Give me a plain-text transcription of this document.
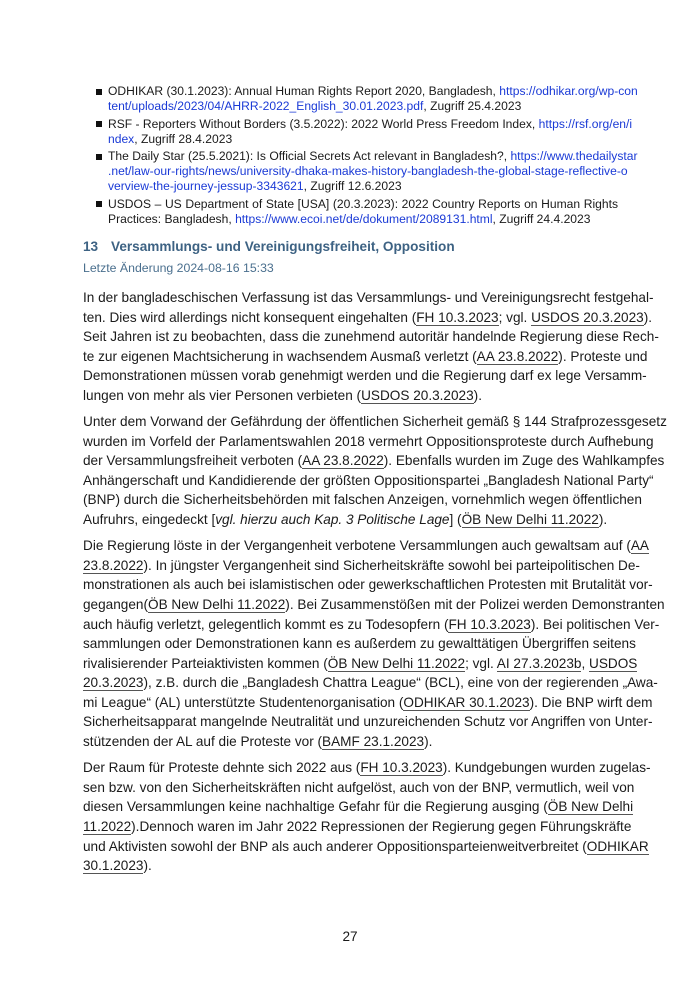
ODHIKAR (30.1.2023): Annual Human Rights Report 2020, Bangladesh, https://odhikar.org/wp-con
tent/uploads/2023/04/AHRR-2022_English_30.01.2023.pdf, Zugriff 25.4.2023
RSF - Reporters Without Borders (3.5.2022): 2022 World Press Freedom Index, https://rsf.org/en/i
ndex, Zugriff 28.4.2023
The Daily Star (25.5.2021): Is Official Secrets Act relevant in Bangladesh?, https://www.thedailystar
.net/law-our-rights/news/university-dhaka-makes-history-bangladesh-the-global-stage-reflective-o
verview-the-journey-jessup-3343621, Zugriff 12.6.2023
USDOS – US Department of State [USA] (20.3.2023): 2022 Country Reports on Human Rights
Practices: Bangladesh, https://www.ecoi.net/de/dokument/2089131.html, Zugriff 24.4.2023
13 Versammlungs- und Vereinigungsfreiheit, Opposition
Letzte Änderung 2024-08-16 15:33
In der bangladeschischen Verfassung ist das Versammlungs- und Vereinigungsrecht festgehal-
ten. Dies wird allerdings nicht konsequent eingehalten (FH 10.3.2023; vgl. USDOS 20.3.2023).
Seit Jahren ist zu beobachten, dass die zunehmend autoritär handelnde Regierung diese Rech-
te zur eigenen Machtsicherung in wachsendem Ausmaß verletzt (AA 23.8.2022). Proteste und
Demonstrationen müssen vorab genehmigt werden und die Regierung darf ex lege Versamm-
lungen von mehr als vier Personen verbieten (USDOS 20.3.2023).
Unter dem Vorwand der Gefährdung der öffentlichen Sicherheit gemäß § 144 Strafprozessgesetz
wurden im Vorfeld der Parlamentswahlen 2018 vermehrt Oppositionsproteste durch Aufhebung
der Versammlungsfreiheit verboten (AA 23.8.2022). Ebenfalls wurden im Zuge des Wahlkampfes
Anhängerschaft und Kandidierende der größten Oppositionspartei „Bangladesh National Party“
(BNP) durch die Sicherheitsbehörden mit falschen Anzeigen, vornehmlich wegen öffentlichen
Aufruhrs, eingedeckt [vgl. hierzu auch Kap. 3 Politische Lage] (ÖB New Delhi 11.2022).
Die Regierung löste in der Vergangenheit verbotene Versammlungen auch gewaltsam auf (AA
23.8.2022). In jüngster Vergangenheit sind Sicherheitskräfte sowohl bei parteipolitischen De-
monstrationen als auch bei islamistischen oder gewerkschaftlichen Protesten mit Brutalität vor-
gegangen(ÖB New Delhi 11.2022). Bei Zusammenstößen mit der Polizei werden Demonstranten
auch häufig verletzt, gelegentlich kommt es zu Todesopfern (FH 10.3.2023). Bei politischen Ver-
sammlungen oder Demonstrationen kann es außerdem zu gewalttätigen Übergriffen seitens
rivalisierender Parteiaktivisten kommen (ÖB New Delhi 11.2022; vgl. AI 27.3.2023b, USDOS
20.3.2023), z.B. durch die „Bangladesh Chattra League“ (BCL), eine von der regierenden „Awa-
mi League“ (AL) unterstützte Studentenorganisation (ODHIKAR 30.1.2023). Die BNP wirft dem
Sicherheitsapparat mangelnde Neutralität und unzureichenden Schutz vor Angriffen von Unter-
stützenden der AL auf die Proteste vor (BAMF 23.1.2023).
Der Raum für Proteste dehnte sich 2022 aus (FH 10.3.2023). Kundgebungen wurden zugelas-
sen bzw. von den Sicherheitskräften nicht aufgelöst, auch von der BNP, vermutlich, weil von
diesen Versammlungen keine nachhaltige Gefahr für die Regierung ausging (ÖB New Delhi
11.2022).Dennoch waren im Jahr 2022 Repressionen der Regierung gegen Führungskräfte
und Aktivisten sowohl der BNP als auch anderer Oppositionsparteienweitverbreitet (ODHIKAR
30.1.2023).
27
